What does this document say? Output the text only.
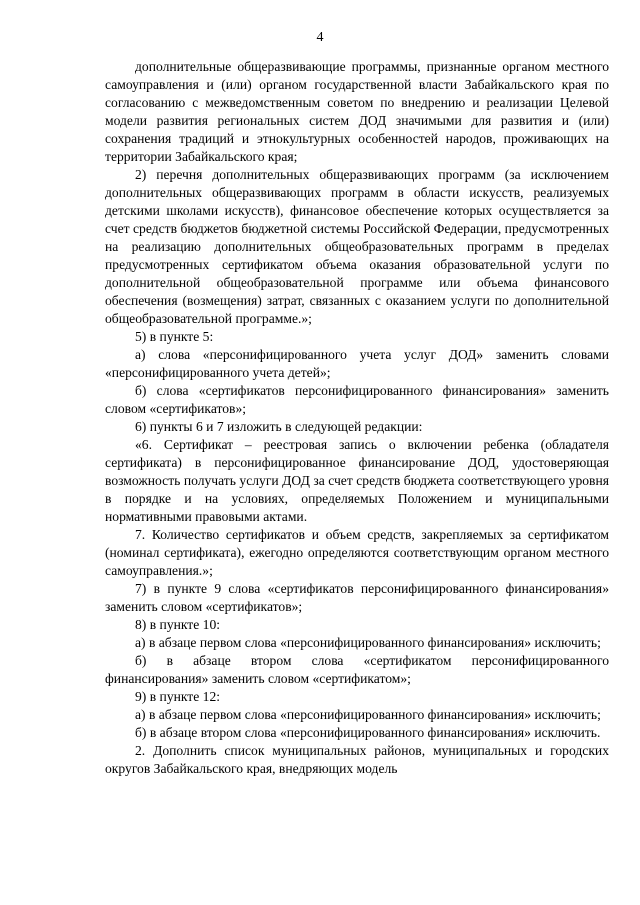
4

дополнительные общеразвивающие программы, признанные органом местного самоуправления и (или) органом государственной власти Забайкальского края по согласованию с межведомственным советом по внедрению и реализации Целевой модели развития региональных систем ДОД значимыми для развития и (или) сохранения традиций и этнокультурных особенностей народов, проживающих на территории Забайкальского края;

2) перечня дополнительных общеразвивающих программ (за исключением дополнительных общеразвивающих программ в области искусств, реализуемых детскими школами искусств), финансовое обеспечение которых осуществляется за счет средств бюджетов бюджетной системы Российской Федерации, предусмотренных на реализацию дополнительных общеобразовательных программ в пределах предусмотренных сертификатом объема оказания образовательной услуги по дополнительной общеобразовательной программе или объема финансового обеспечения (возмещения) затрат, связанных с оказанием услуги по дополнительной общеобразовательной программе.»;

5) в пункте 5:

а) слова «персонифицированного учета услуг ДОД» заменить словами «персонифицированного учета детей»;

б) слова «сертификатов персонифицированного финансирования» заменить словом «сертификатов»;

6) пункты 6 и 7 изложить в следующей редакции:

«6. Сертификат – реестровая запись о включении ребенка (обладателя сертификата) в персонифицированное финансирование ДОД, удостоверяющая возможность получать услуги ДОД за счет средств бюджета соответствующего уровня в порядке и на условиях, определяемых Положением и муниципальными нормативными правовыми актами.

7. Количество сертификатов и объем средств, закрепляемых за сертификатом (номинал сертификата), ежегодно определяются соответствующим органом местного самоуправления.»;

7) в пункте 9 слова «сертификатов персонифицированного финансирования» заменить словом «сертификатов»;

8) в пункте 10:

а) в абзаце первом слова «персонифицированного финансирования» исключить;

б) в абзаце втором слова «сертификатом персонифицированного финансирования» заменить словом «сертификатом»;

9) в пункте 12:

а) в абзаце первом слова «персонифицированного финансирования» исключить;

б) в абзаце втором слова «персонифицированного финансирования» исключить.

2. Дополнить список муниципальных районов, муниципальных и городских округов Забайкальского края, внедряющих модель
